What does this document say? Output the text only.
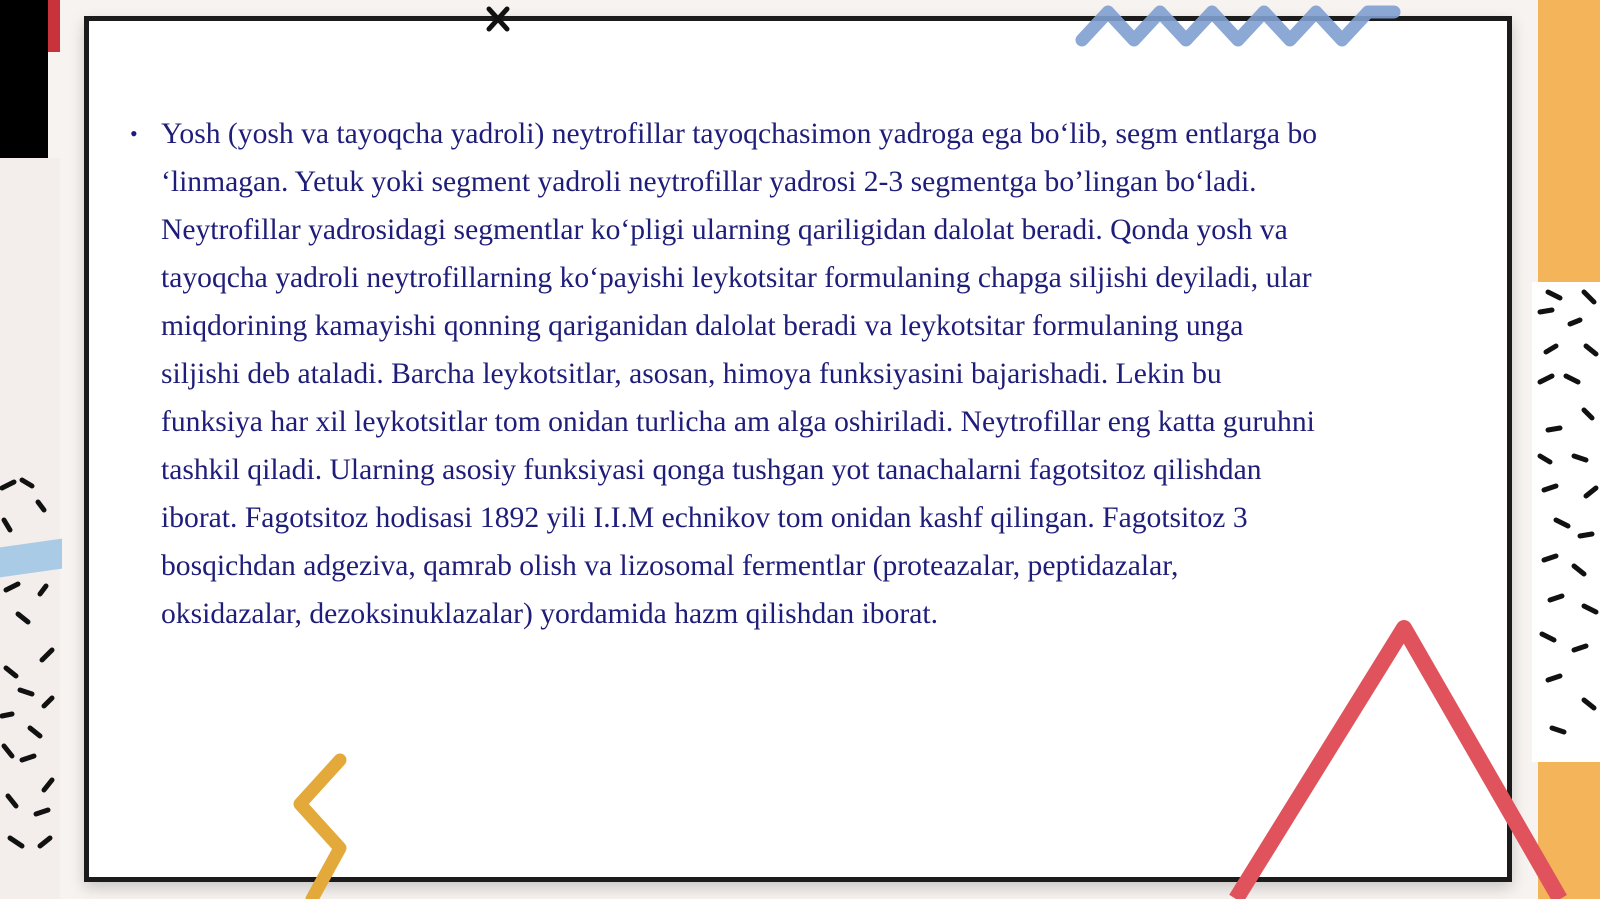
• Yosh (yosh va tayoqcha yadroli) neytrofillar tayoqchasimon yadroga ega bo‘lib, segm entlarga bo
‘linmagan. Yetuk yoki segment yadroli neytrofillar yadrosi 2-3 segmentga bo’lingan bo‘ladi.
Neytrofillar yadrosidagi segmentlar ko‘pligi ularning qariligidan dalolat beradi. Qonda yosh va
tayoqcha yadroli neytrofillarning ko‘payishi leykotsitar formulaning chapga siljishi deyiladi, ular
miqdorining kamayishi qonning qariganidan dalolat beradi va leykotsitar formulaning unga
siljishi deb ataladi. Barcha leykotsitlar, asosan, himoya funksiyasini bajarishadi. Lekin bu
funksiya har xil leykotsitlar tom onidan turlicha am alga oshiriladi. Neytrofillar eng katta guruhni
tashkil qiladi. Ularning asosiy funksiyasi qonga tushgan yot tanachalarni fagotsitoz qilishdan
iborat. Fagotsitoz hodisasi 1892 yili I.I.M echnikov tom onidan kashf qilingan. Fagotsitoz 3
bosqichdan adgeziva, qamrab olish va lizosomal fermentlar (proteazalar, peptidazalar,
oksidazalar, dezoksinuklazalar) yordamida hazm qilishdan iborat.
